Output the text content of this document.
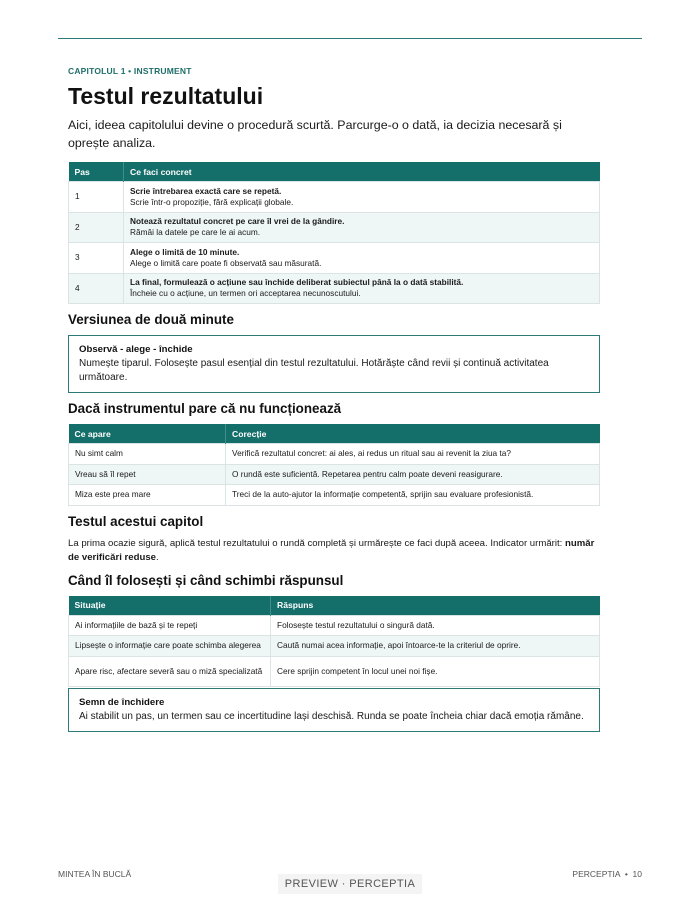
CAPITOLUL 1 • INSTRUMENT
Testul rezultatului

Aici, ideea capitolului devine o procedură scurtă. Parcurge-o o dată, ia decizia necesară și oprește analiza.

Pas	Ce faci concret
1	Scrie întrebarea exactă care se repetă.
Scrie într-o propoziție, fără explicații globale.

2	Notează rezultatul concret pe care îl vrei de la gândire.
Rămâi la datele pe care le ai acum.

3	Alege o limită de 10 minute.
Alege o limită care poate fi observată sau măsurată.

4	La final, formulează o acțiune sau închide deliberat subiectul până la o dată stabilită.
Încheie cu o acțiune, un termen ori acceptarea necunoscutului.
Versiunea de două minute
Observă - alege - închide
Numește tiparul. Folosește pasul esențial din testul rezultatului. Hotărăște când revii și continuă activitatea următoare.
Dacă instrumentul pare că nu funcționează
Ce apare	Corecție
Nu simt calm	Verifică rezultatul concret: ai ales, ai redus un ritual sau ai revenit la ziua ta?
Vreau să îl repet	O rundă este suficientă. Repetarea pentru calm poate deveni reasigurare.
Miza este prea mare	Treci de la auto-ajutor la informație competentă, sprijin sau evaluare profesionistă.
Testul acestui capitol

La prima ocazie sigură, aplică testul rezultatului o rundă completă și urmărește ce faci după aceea. Indicator urmărit: număr de verificări reduse.

Când îl folosești și când schimbi răspunsul
Situație	Răspuns
Ai informațiile de bază și te repeți	Folosește testul rezultatului o singură dată.
Lipsește o informație care poate schimba alegerea	Caută numai acea informație, apoi întoarce-te la criteriul de oprire.
Apare risc, afectare severă sau o miză specializată	Cere sprijin competent în locul unei noi fișe.
Semn de închidere
Ai stabilit un pas, un termen sau ce incertitudine lași deschisă. Runda se poate încheia chiar dacă emoția rămâne.
MINTEA ÎN BUCLĂ	PERCEPTIA  •  10
PREVIEW · PERCEPTIA
